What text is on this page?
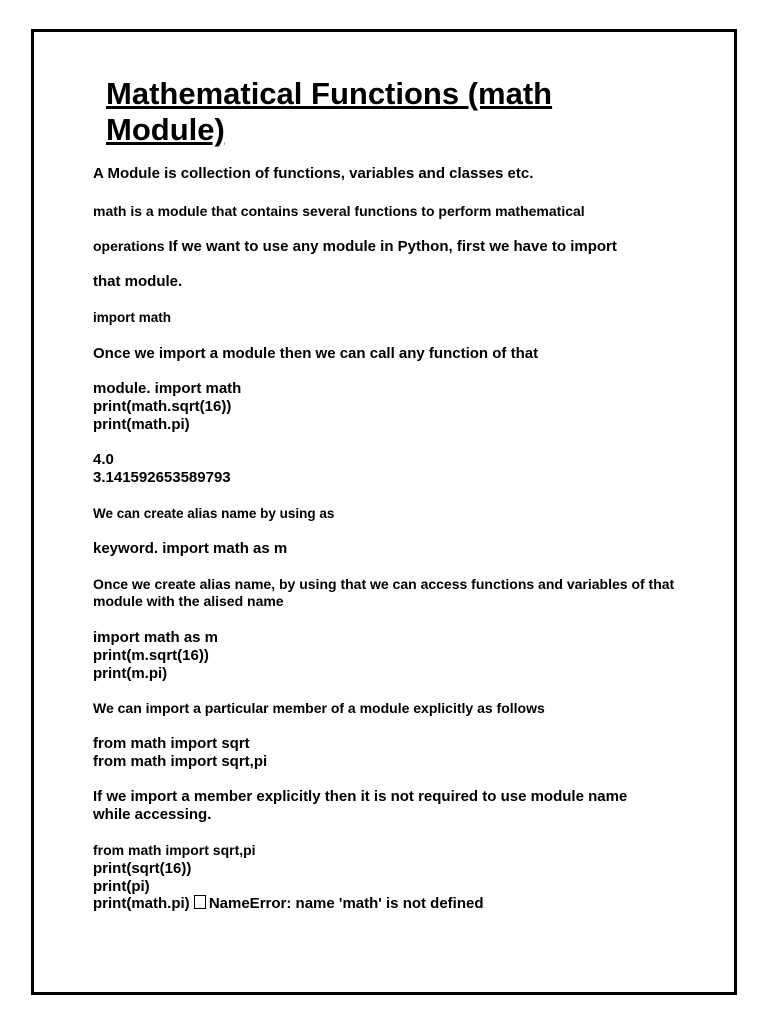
Mathematical Functions (math Module)

A Module is collection of functions, variables and classes etc.

math is a module that contains several functions to perform mathematical

operations If we want to use any module in Python, first we have to import

that module.

import math

Once we import a module then we can call any function of that

module. import math
print(math.sqrt(16))
print(math.pi)

4.0
3.141592653589793

We can create alias name by using as

keyword. import math as m

Once we create alias name, by using that we can access functions and variables of that
module with the alised name

import math as m
print(m.sqrt(16))
print(m.pi)

We can import a particular member of a module explicitly as follows

from math import sqrt
from math import sqrt,pi

If we import a member explicitly then it is not required to use module name
while accessing.

from math import sqrt,pi

print(sqrt(16))
print(pi)

print(math.pi) NameError: name 'math' is not defined
